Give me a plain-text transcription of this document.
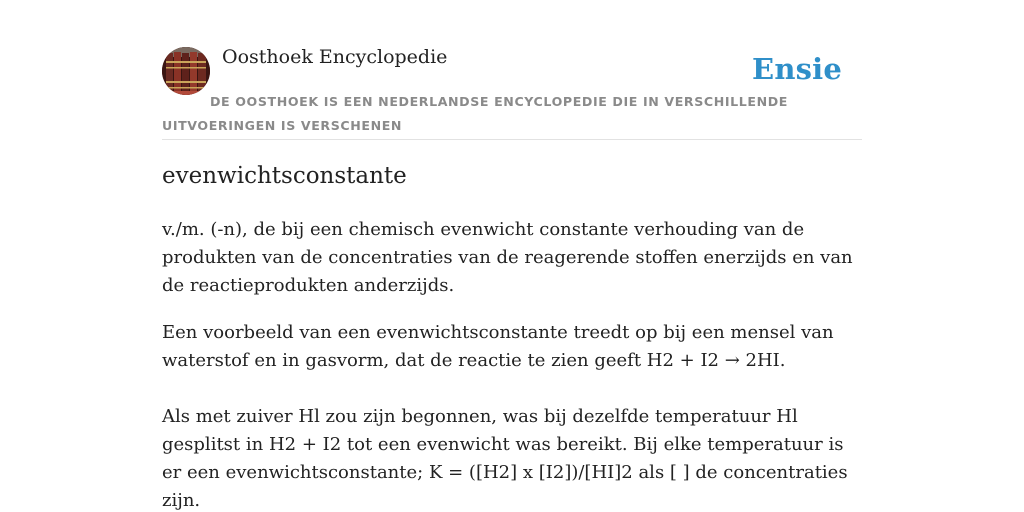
Oosthoek Encyclopedie	Ensie
DE OOSTHOEK IS EEN NEDERLANDSE ENCYCLOPEDIE DIE IN VERSCHILLENDE UITVOERINGEN IS VERSCHENEN
evenwichtsconstante

v./m. (-n), de bij een chemisch evenwicht constante verhouding van de produkten van de concentraties van de reagerende stoffen enerzijds en van de reactieprodukten anderzijds.

Een voorbeeld van een evenwichtsconstante treedt op bij een mensel van waterstof en in gasvorm, dat de reactie te zien geeft H2 + I2 → 2HI.

Als met zuiver Hl zou zijn begonnen, was bij dezelfde temperatuur Hl gesplitst in H2 + I2 tot een evenwicht was bereikt. Bij elke temperatuur is er een evenwichtsconstante; K = ([H2] x [I2])/[HI]2 als [ ] de concentraties zijn.
